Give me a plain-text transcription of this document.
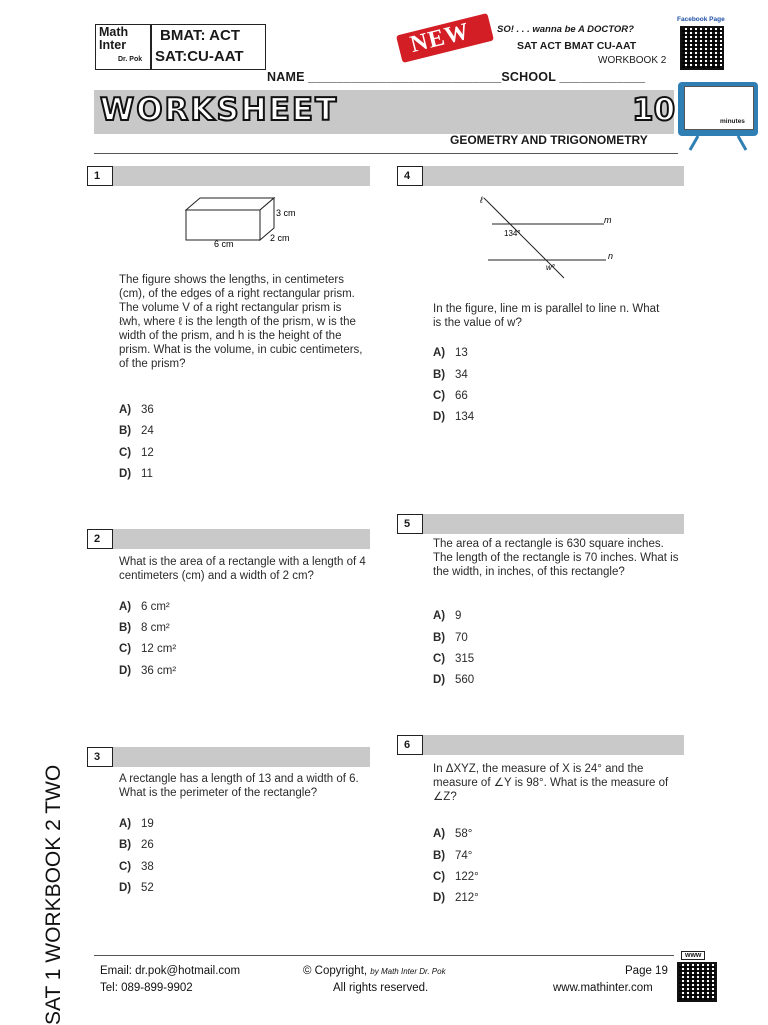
Math
Inter
Dr. Pok
BMAT: ACT
SAT:CU-AAT	NEW	SO! . . . wanna be A DOCTOR?
SAT ACT BMAT CU-AAT
WORKBOOK 2
Facebook Page
NAME ___________________________SCHOOL ____________
WORKSHEET	10	minutes
GEOMETRY AND TRIGONOMETRY
1
3 cm
2 cm
6 cm
The figure shows the lengths, in centimeters (cm), of the edges of a right rectangular prism. The volume V of a right rectangular prism is ℓwh, where ℓ is the length of the prism, w is the width of the prism, and h is the height of the prism. What is the volume, in cubic centimeters, of the prism?
A) 36
B) 24
C) 12
D) 11
2
What is the area of a rectangle with a length of 4 centimeters (cm) and a width of 2 cm?
A) 6 cm²
B) 8 cm²
C) 12 cm²
D) 36 cm²
3
A rectangle has a length of 13 and a width of 6. What is the perimeter of the rectangle?
A) 19
B) 26
C) 38
D) 52
4
ℓ
m
134°
n
w°
In the figure, line m is parallel to line n. What is the value of w?
A) 13
B) 34
C) 66
D) 134
5
The area of a rectangle is 630 square inches. The length of the rectangle is 70 inches. What is the width, in inches, of this rectangle?
A) 9
B) 70
C) 315
D) 560
6
In ΔXYZ, the measure of X is 24° and the measure of ∠Y is 98°. What is the measure of ∠Z?
A) 58°
B) 74°
C) 122°
D) 212°
SAT 1 WORKBOOK 2 TWO	Email: dr.pok@hotmail.com
Tel: 089-899-9902
© Copyright, by Math Inter Dr. Pok
All rights reserved.
Page 19
www.mathinter.com
www
